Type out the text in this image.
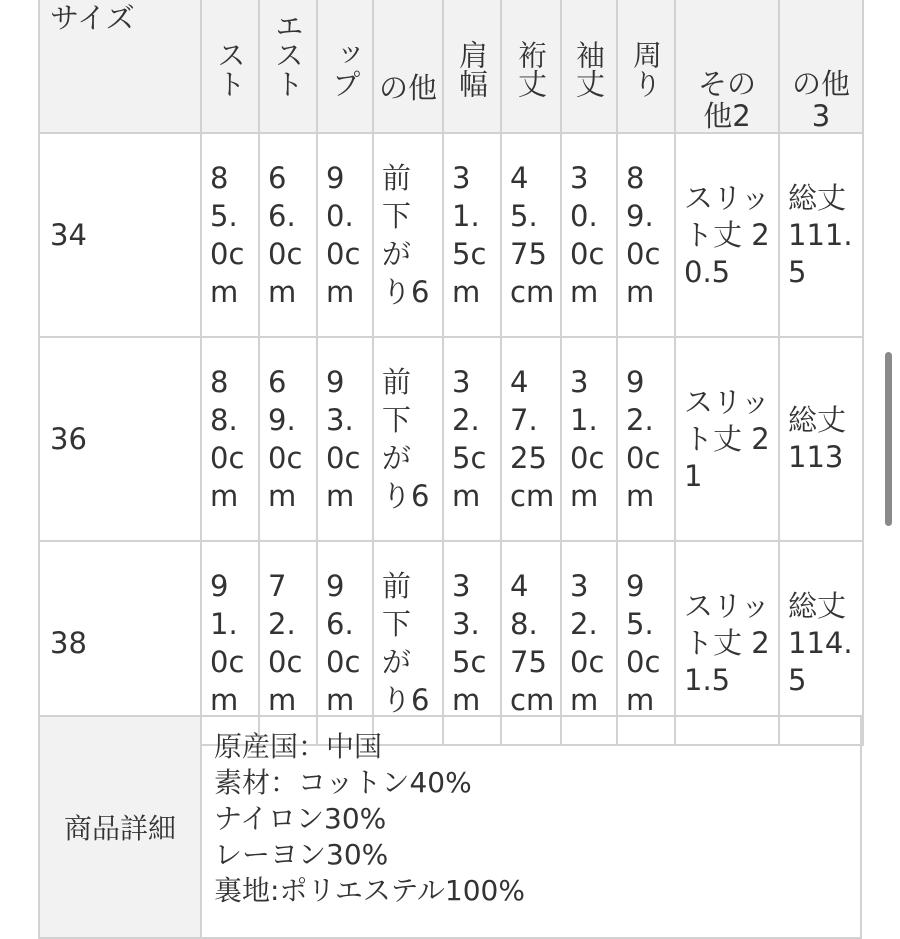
サイズ	スト	エスト	ップ	の他	肩幅	裄丈	袖丈	周り	その他2	の他3
34	85.0cm	66.0cm	90.0cm	前下がり6	31.5cm	45.75cm	30.0cm	89.0cm	スリット丈 20.5	総丈111.5
36	88.0cm	69.0cm	93.0cm	前下がり6	32.5cm	47.25cm	31.0cm	92.0cm	スリット丈 21	総丈113
38	91.0cm	72.0cm	96.0cm	前下がり6	33.5cm	48.75cm	32.0cm	95.0cm	スリット丈 21.5	総丈114.5
商品詳細	
原産国：中国
素材：コットン40%
ナイロン30%
レーヨン30%
裏地:ポリエステル100%
